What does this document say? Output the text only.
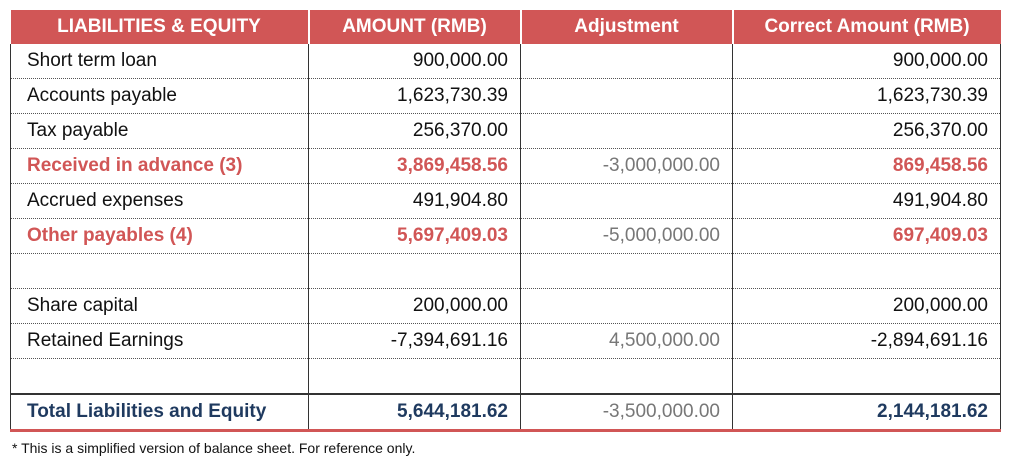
LIABILITIES & EQUITY	AMOUNT (RMB)	Adjustment	Correct Amount (RMB)
Short term loan	900,000.00		900,000.00
Accounts payable	1,623,730.39		1,623,730.39
Tax payable	256,370.00		256,370.00
Received in advance (3)	3,869,458.56	-3,000,000.00	869,458.56
Accrued expenses	491,904.80		491,904.80
Other payables (4)	5,697,409.03	-5,000,000.00	697,409.03

Share capital	200,000.00		200,000.00
Retained Earnings	-7,394,691.16	4,500,000.00	-2,894,691.16

Total Liabilities and Equity	5,644,181.62	-3,500,000.00	2,144,181.62
* This is a simplified version of balance sheet. For reference only.
